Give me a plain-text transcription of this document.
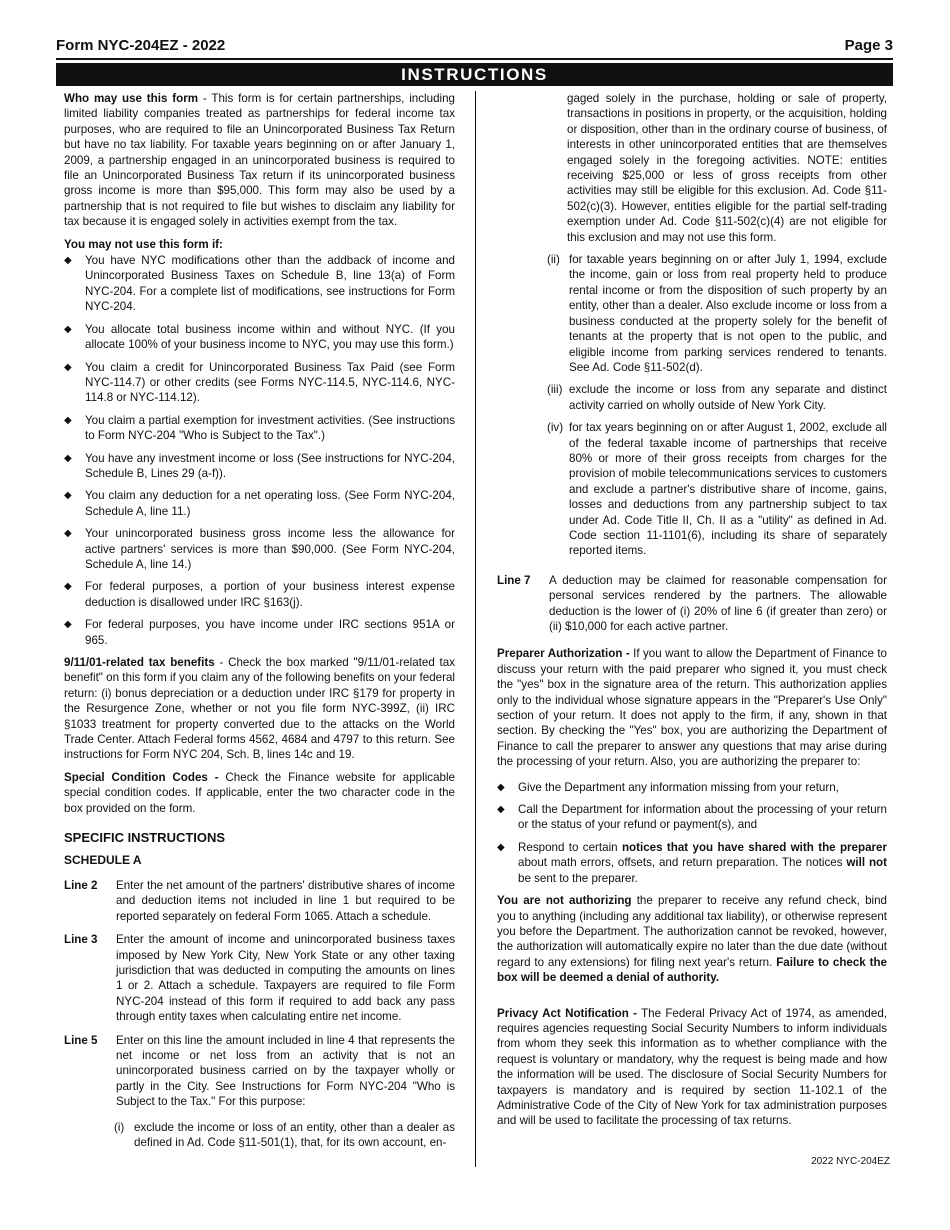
Form NYC-204EZ - 2022	Page 3
INSTRUCTIONS

Who may use this form - This form is for certain partnerships, including limited liability companies treated as partnerships for federal income tax purposes, who are required to file an Unincorporated Business Tax Return but have no tax liability. For taxable years beginning on or after January 1, 2009, a partnership engaged in an unincorporated business is required to file an Unincorporated Business Tax return if its unincorporated business gross income is more than $95,000. This form may also be used by a partnership that is not required to file but wishes to disclaim any liability for tax because it is engaged solely in activities exempt from the tax.

You may not use this form if:
◆	You have NYC modifications other than the addback of income and Unincorporated Business Taxes on Schedule B, line 13(a) of Form NYC-204. For a complete list of modifications, see instructions for Form NYC-204.
◆	You allocate total business income within and without NYC. (If you allocate 100% of your business income to NYC, you may use this form.)
◆	You claim a credit for Unincorporated Business Tax Paid (see Form NYC-114.7) or other credits (see Forms NYC-114.5, NYC-114.6, NYC-114.8 or NYC-114.12).
◆	You claim a partial exemption for investment activities. (See instructions to Form NYC-204 "Who is Subject to the Tax".)
◆	You have any investment income or loss (See instructions for NYC-204, Schedule B, Lines 29 (a-f)).
◆	You claim any deduction for a net operating loss. (See Form NYC-204, Schedule A, line 11.)
◆	Your unincorporated business gross income less the allowance for active partners' services is more than $90,000. (See Form NYC-204, Schedule A, line 14.)
◆	For federal purposes, a portion of your business interest expense deduction is disallowed under IRC §163(j).
◆	For federal purposes, you have income under IRC sections 951A or 965.

9/11/01-related tax benefits - Check the box marked "9/11/01-related tax benefit" on this form if you claim any of the following benefits on your federal return: (i) bonus depreciation or a deduction under IRC §179 for property in the Resurgence Zone, whether or not you file form NYC-399Z, (ii) IRC §1033 treatment for property converted due to the attacks on the World Trade Center. Attach Federal forms 4562, 4684 and 4797 to this return. See instructions for Form NYC 204, Sch. B, lines 14c and 19.

Special Condition Codes - Check the Finance website for applicable special condition codes. If applicable, enter the two character code in the box provided on the form.

SPECIFIC INSTRUCTIONS
SCHEDULE A
Line 2	Enter the net amount of the partners' distributive shares of income and deduction items not included in line 1 but required to be reported separately on federal Form 1065. Attach a schedule.
Line 3	Enter the amount of income and unincorporated business taxes imposed by New York City, New York State or any other taxing jurisdiction that was deducted in computing the amounts on lines 1 or 2. Attach a schedule. Taxpayers are required to file Form NYC-204 instead of this form if required to add back any pass through entity taxes when calculating entire net income.
Line 5	Enter on this line the amount included in line 4 that represents the net income or net loss from an activity that is not an unincorporated business carried on by the taxpayer wholly or partly in the City. See Instructions for Form NYC-204 "Who is Subject to the Tax." For this purpose:
(i) exclude the income or loss of an entity, other than a dealer as defined in Ad. Code §11-501(1), that, for its own account, en-
gaged solely in the purchase, holding or sale of property, transactions in positions in property, or the acquisition, holding or disposition, other than in the ordinary course of business, of interests in other unincorporated entities that are themselves engaged solely in the foregoing activities. NOTE: entities receiving $25,000 or less of gross receipts from other activities may still be eligible for this exclusion. Ad. Code §11-502(c)(3). However, entities eligible for the partial self-trading exemption under Ad. Code §11-502(c)(4) are not eligible for this exclusion and may not use this form.
(ii) for taxable years beginning on or after July 1, 1994, exclude the income, gain or loss from real property held to produce rental income or from the disposition of such property by an entity, other than a dealer. Also exclude income or loss from a business conducted at the property solely for the benefit of tenants at the property that is not open to the public, and eligible income from parking services rendered to tenants. See Ad. Code §11-502(d).
(iii) exclude the income or loss from any separate and distinct activity carried on wholly outside of New York City.
(iv) for tax years beginning on or after August 1, 2002, exclude all of the federal taxable income of partnerships that receive 80% or more of their gross receipts from charges for the provision of mobile telecommunications services to customers and exclude a partner's distributive share of income, gains, losses and deductions from any partnership subject to tax under Ad. Code Title II, Ch. II as a "utility" as defined in Ad. Code section 11-1101(6), including its share of separately reported items.
Line 7	A deduction may be claimed for reasonable compensation for personal services rendered by the partners. The allowable deduction is the lower of (i) 20% of line 6 (if greater than zero) or (ii) $10,000 for each active partner.

Preparer Authorization - If you want to allow the Department of Finance to discuss your return with the paid preparer who signed it, you must check the "yes" box in the signature area of the return. This authorization applies only to the individual whose signature appears in the "Preparer's Use Only" section of your return. It does not apply to the firm, if any, shown in that section. By checking the "Yes" box, you are authorizing the Department of Finance to call the preparer to answer any questions that may arise during the processing of your return. Also, you are authorizing the preparer to:

◆	Give the Department any information missing from your return,
◆	Call the Department for information about the processing of your return or the status of your refund or payment(s), and
◆	Respond to certain notices that you have shared with the preparer about math errors, offsets, and return preparation. The notices will not be sent to the preparer.

You are not authorizing the preparer to receive any refund check, bind you to anything (including any additional tax liability), or otherwise represent you before the Department. The authorization cannot be revoked, however, the authorization will automatically expire no later than the due date (without regard to any extensions) for filing next year's return. Failure to check the box will be deemed a denial of authority.

Privacy Act Notification - The Federal Privacy Act of 1974, as amended, requires agencies requesting Social Security Numbers to inform individuals from whom they seek this information as to whether compliance with the request is voluntary or mandatory, why the request is being made and how the information will be used. The disclosure of Social Security Numbers for taxpayers is mandatory and is required by section 11-102.1 of the Administrative Code of the City of New York for tax administration purposes and will be used to facilitate the processing of tax returns.

2022 NYC-204EZ
